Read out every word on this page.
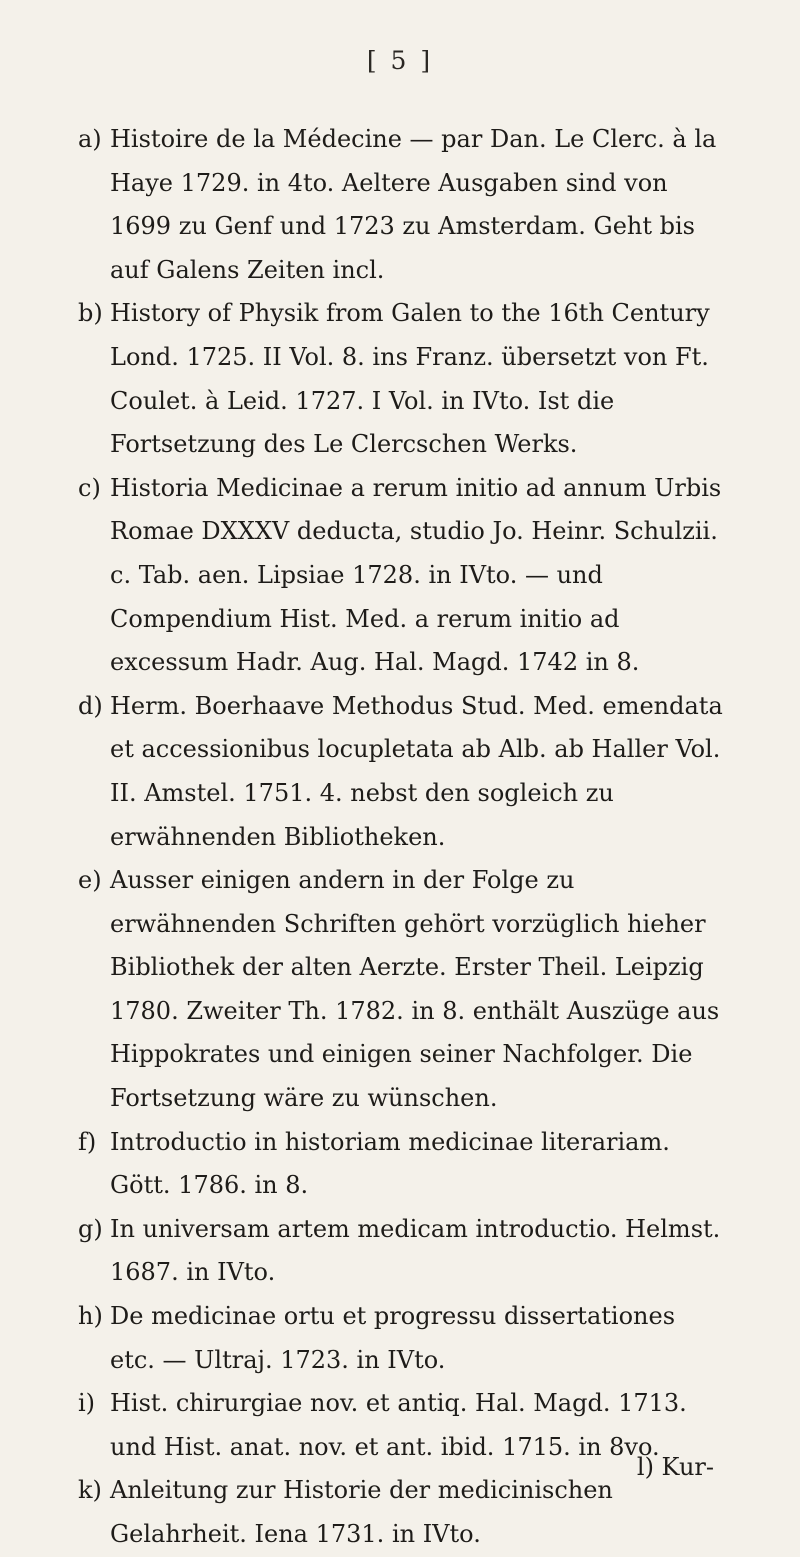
[ 5 ]
a) Histoire de la Médecine — par Dan. Le Clerc. à la Haye 1729. in 4to. Aeltere Ausgaben sind von 1699 zu Genf und 1723 zu Amsterdam. Geht bis auf Galens Zeiten incl.
b) History of Physik from Galen to the 16th Century Lond. 1725. II Vol. 8. ins Franz. übersetzt von Ft. Coulet. à Leid. 1727. I Vol. in IVto. Ist die Fortsetzung des Le Clercschen Werks.
c) Historia Medicinae a rerum initio ad annum Urbis Romae DXXXV deducta, studio Jo. Heinr. Schulzii. c. Tab. aen. Lipsiae 1728. in IVto. — und Compendium Hist. Med. a rerum initio ad excessum Hadr. Aug. Hal. Magd. 1742 in 8.
d) Herm. Boerhaave Methodus Stud. Med. emendata et accessionibus locupletata ab Alb. ab Haller Vol. II. Amstel. 1751. 4. nebst den sogleich zu erwähnenden Bibliotheken.
e) Ausser einigen andern in der Folge zu erwähnenden Schriften gehört vorzüglich hieher Bibliothek der alten Aerzte. Erster Theil. Leipzig 1780. Zweiter Th. 1782. in 8. enthält Auszüge aus Hippokrates und einigen seiner Nachfolger. Die Fortsetzung wäre zu wünschen.
f) Introductio in historiam medicinae literariam. Gött. 1786. in 8.
g) In universam artem medicam introductio. Helmst. 1687. in IVto.
h) De medicinae ortu et progressu dissertationes etc. — Ultraj. 1723. in IVto.
i) Hist. chirurgiae nov. et antiq. Hal. Magd. 1713. und Hist. anat. nov. et ant. ibid. 1715. in 8vo.
k) Anleitung zur Historie der medicinischen Gelahrheit. Iena 1731. in IVto.
l) Kur-
